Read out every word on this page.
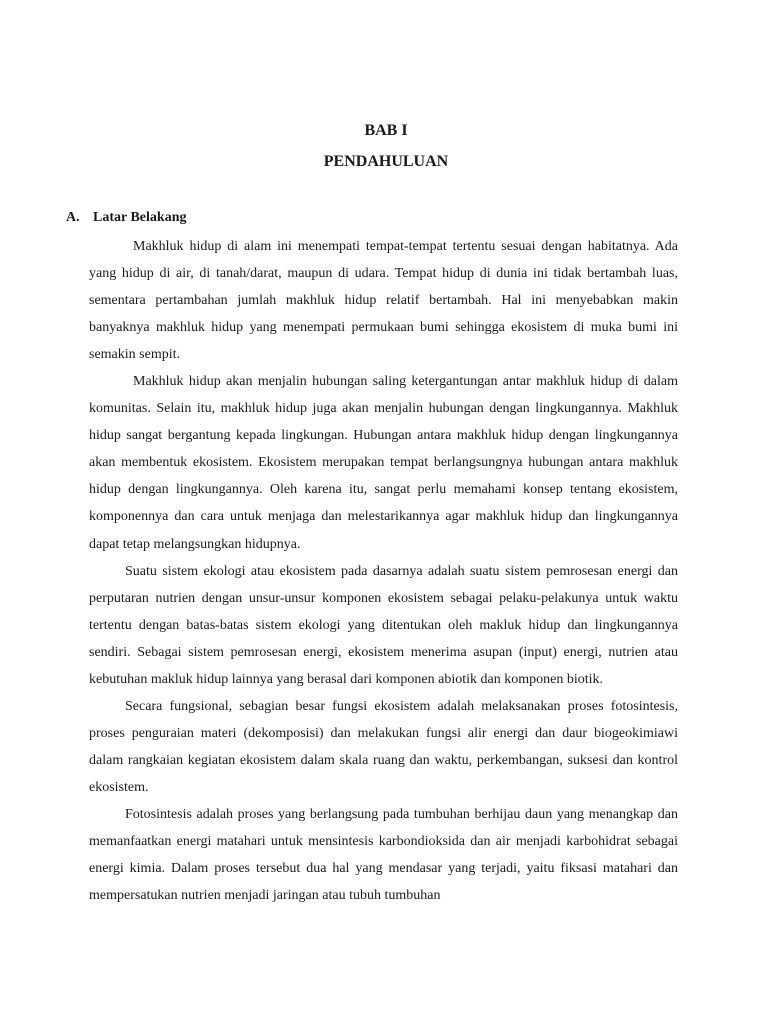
BAB I
PENDAHULUAN
A. Latar Belakang

Makhluk hidup di alam ini menempati tempat-tempat tertentu sesuai dengan habitatnya. Ada yang hidup di air, di tanah/darat, maupun di udara. Tempat hidup di dunia ini tidak bertambah luas, sementara pertambahan jumlah makhluk hidup relatif bertambah. Hal ini menyebabkan makin banyaknya makhluk hidup yang menempati permukaan bumi sehingga ekosistem di muka bumi ini semakin sempit.

Makhluk hidup akan menjalin hubungan saling ketergantungan antar makhluk hidup di dalam komunitas. Selain itu, makhluk hidup juga akan menjalin hubungan dengan lingkungannya. Makhluk hidup sangat bergantung kepada lingkungan. Hubungan antara makhluk hidup dengan lingkungannya akan membentuk ekosistem. Ekosistem merupakan tempat berlangsungnya hubungan antara makhluk hidup dengan lingkungannya. Oleh karena itu, sangat perlu memahami konsep tentang ekosistem, komponennya dan cara untuk menjaga dan melestarikannya agar makhluk hidup dan lingkungannya dapat tetap melangsungkan hidupnya.

Suatu sistem ekologi atau ekosistem pada dasarnya adalah suatu sistem pemrosesan energi dan perputaran nutrien dengan unsur-unsur komponen ekosistem sebagai pelaku-pelakunya untuk waktu tertentu dengan batas-batas sistem ekologi yang ditentukan oleh makluk hidup dan lingkungannya sendiri. Sebagai sistem pemrosesan energi, ekosistem menerima asupan (input) energi, nutrien atau kebutuhan makluk hidup lainnya yang berasal dari komponen abiotik dan komponen biotik.

Secara fungsional, sebagian besar fungsi ekosistem adalah melaksanakan proses fotosintesis, proses penguraian materi (dekomposisi) dan melakukan fungsi alir energi dan daur biogeokimiawi dalam rangkaian kegiatan ekosistem dalam skala ruang dan waktu, perkembangan, suksesi dan kontrol ekosistem.

Fotosintesis adalah proses yang berlangsung pada tumbuhan berhijau daun yang menangkap dan memanfaatkan energi matahari untuk mensintesis karbondioksida dan air menjadi karbohidrat sebagai energi kimia. Dalam proses tersebut dua hal yang mendasar yang terjadi, yaitu fiksasi matahari dan mempersatukan nutrien menjadi jaringan atau tubuh tumbuhan
